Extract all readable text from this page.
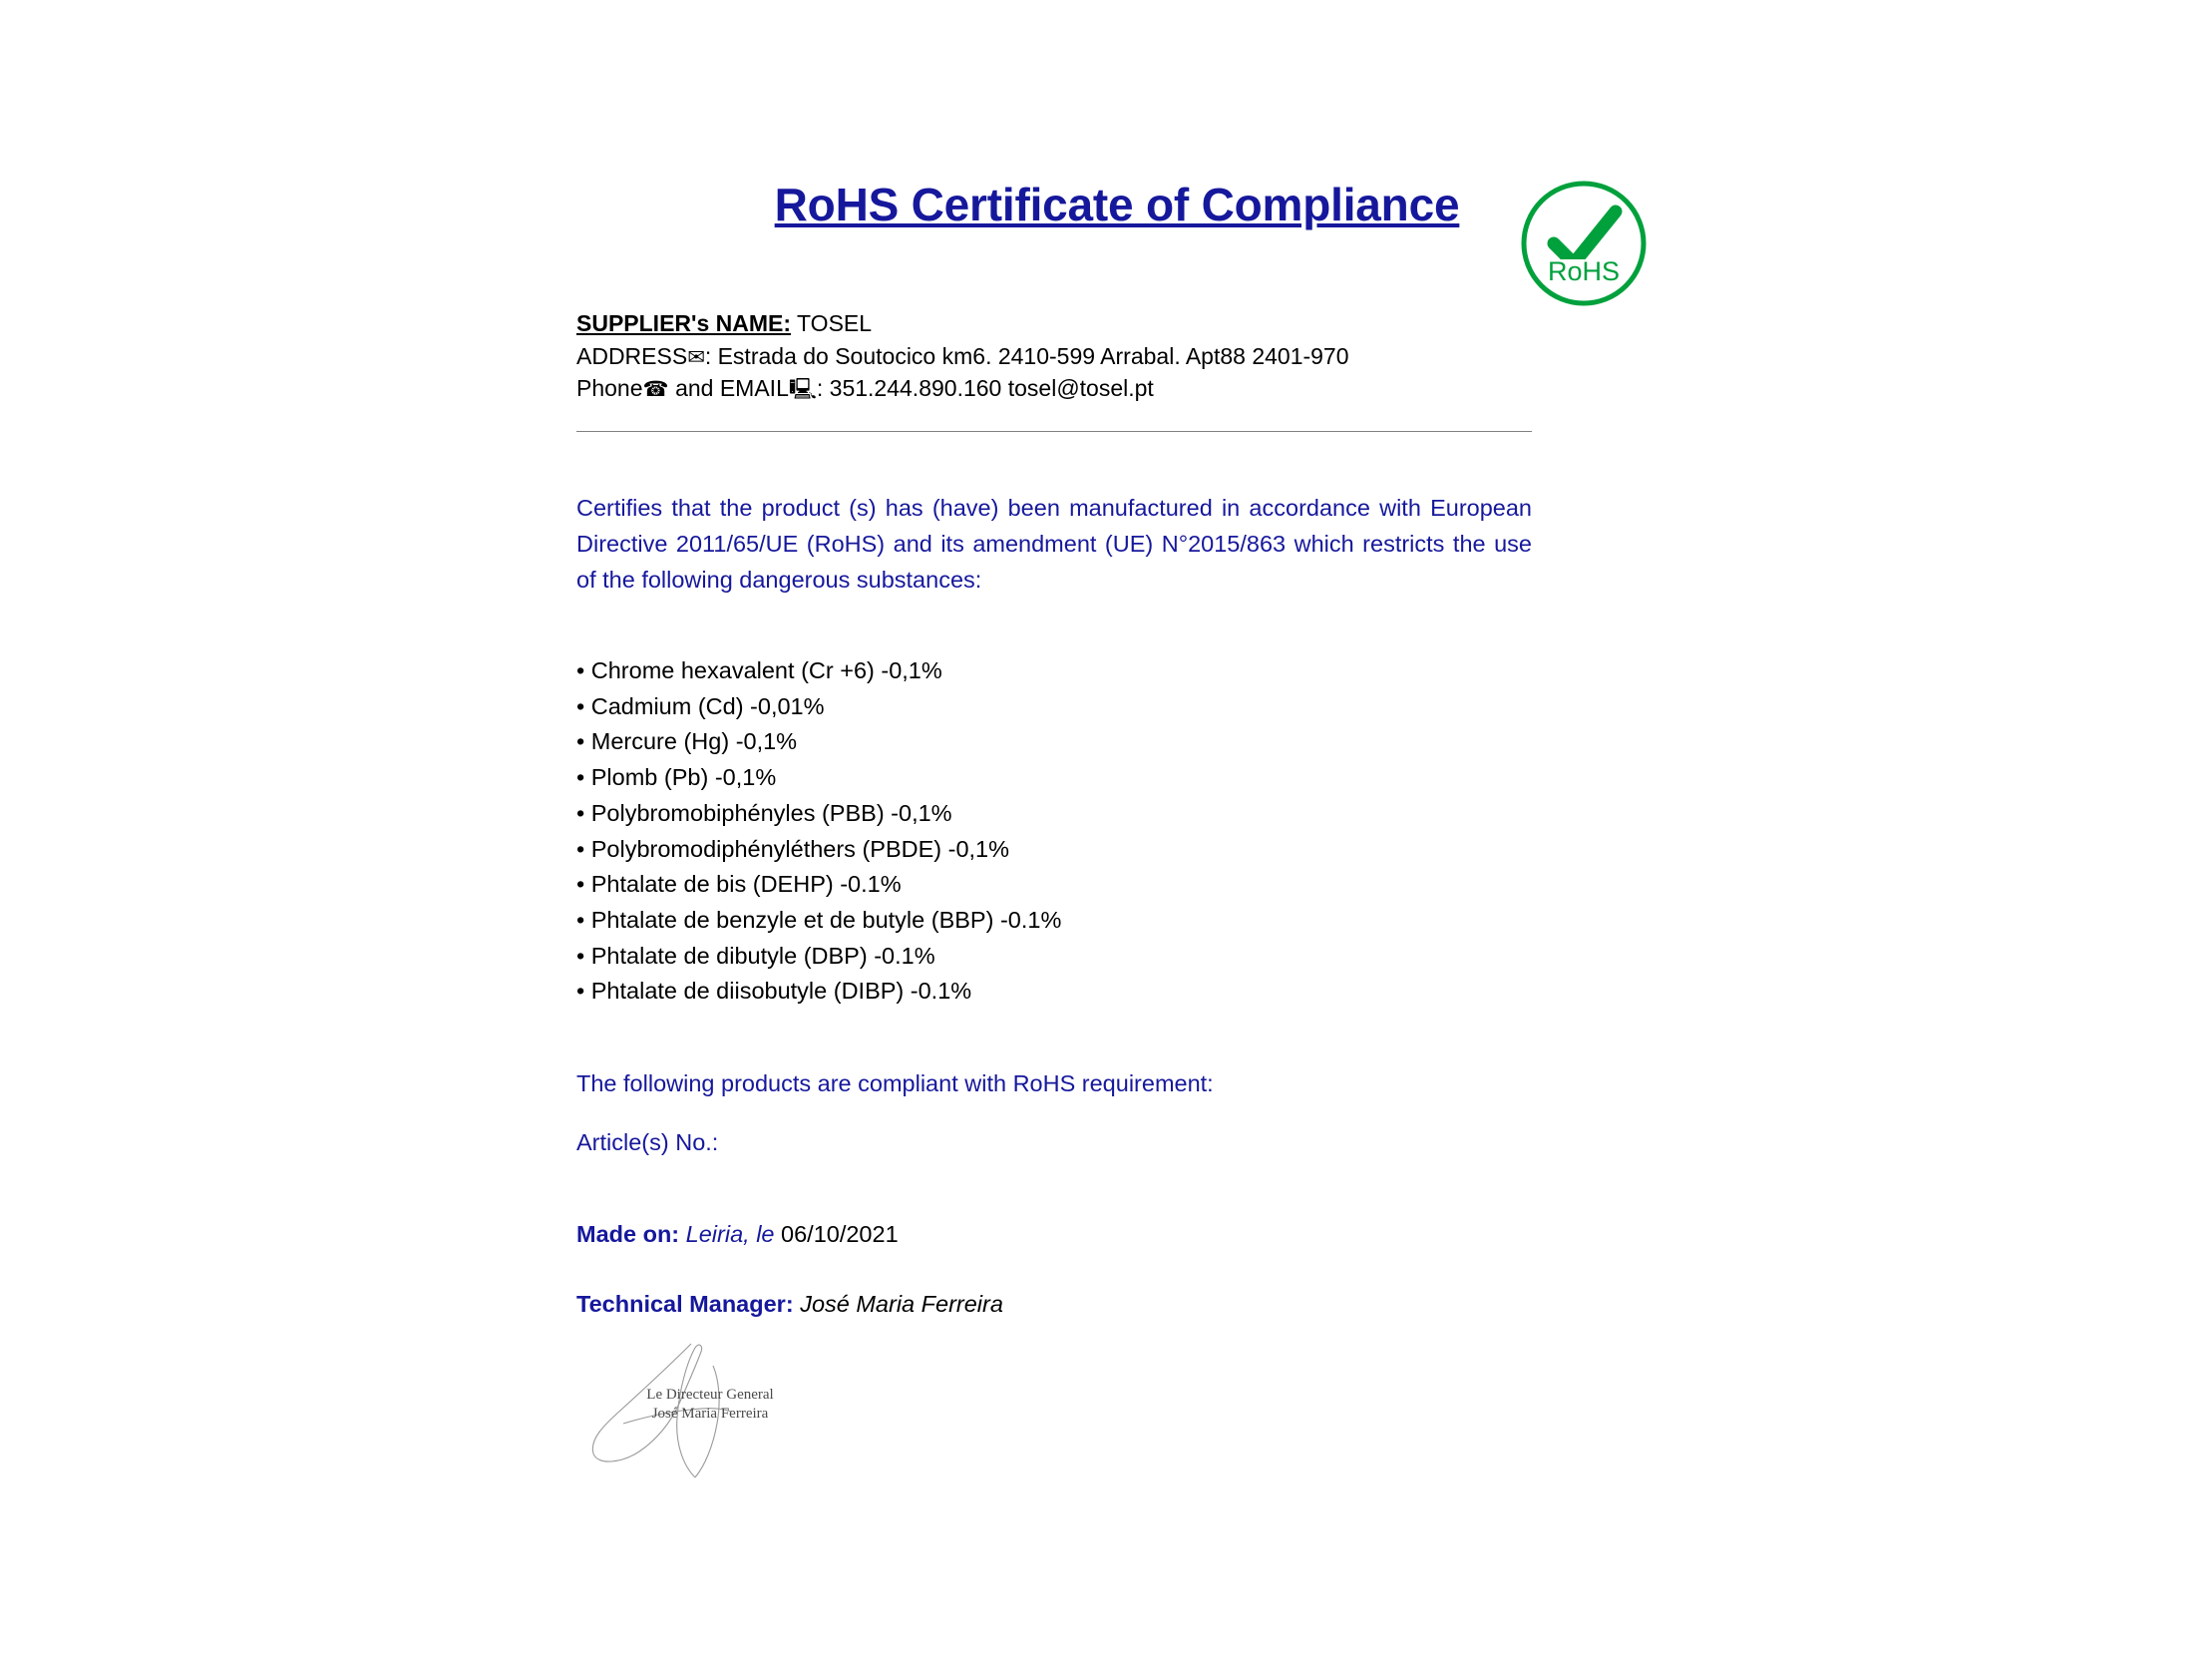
RoHS Certificate of Compliance
RoHS
SUPPLIER's NAME: TOSEL
ADDRESS✉: Estrada do Soutocico km6. 2410-599 Arrabal. Apt88 2401-970
Phone☎ and EMAIL🖳: 351.244.890.160 tosel@tosel.pt
Certifies that the product (s) has (have) been manufactured in accordance with European Directive 2011/65/UE (RoHS) and its amendment (UE) N°2015/863 which restricts the use of the following dangerous substances:
• Chrome hexavalent (Cr +6) -0,1%
• Cadmium (Cd) -0,01%
• Mercure (Hg) -0,1%
• Plomb (Pb) -0,1%
• Polybromobiphényles (PBB) -0,1%
• Polybromodiphényléthers (PBDE) -0,1%
• Phtalate de bis (DEHP) -0.1%
• Phtalate de benzyle et de butyle (BBP) -0.1%
• Phtalate de dibutyle (DBP) -0.1%
• Phtalate de diisobutyle (DIBP) -0.1%
The following products are compliant with RoHS requirement:
Article(s) No.:
Made on: Leiria, le 06/10/2021
Technical Manager: José Maria Ferreira
Le Directeur General
José Maria Ferreira
